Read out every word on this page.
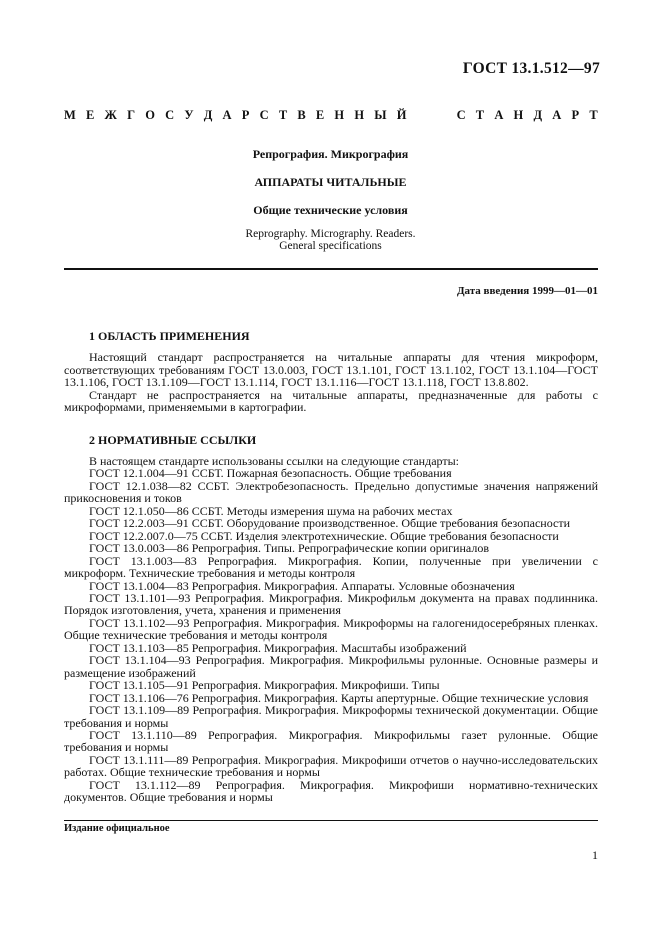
ГОСТ 13.1.512—97
М Е Ж Г О С У Д А Р С Т В Е Н Н Ы Й

	С Т А Н Д А Р Т
Репрография. Микрография
АППАРАТЫ ЧИТАЛЬНЫЕ
Общие технические условия
Reprography. Micrography. Readers.
General specifications
Дата введения 1999—01—01
1 ОБЛАСТЬ ПРИМЕНЕНИЯ

Настоящий стандарт распространяется на читальные аппараты для чтения микроформ, соответствующих требованиям ГОСТ 13.0.003, ГОСТ 13.1.101, ГОСТ 13.1.102, ГОСТ 13.1.104—ГОСТ 13.1.106, ГОСТ 13.1.109—ГОСТ 13.1.114, ГОСТ 13.1.116—ГОСТ 13.1.118, ГОСТ 13.8.802.

Стандарт не распространяется на читальные аппараты, предназначенные для работы с микроформами, применяемыми в картографии.

2 НОРМАТИВНЫЕ ССЫЛКИ

В настоящем стандарте использованы ссылки на следующие стандарты:

ГОСТ 12.1.004—91 ССБТ. Пожарная безопасность. Общие требования

ГОСТ 12.1.038—82 ССБТ. Электробезопасность. Предельно допустимые значения напряжений прикосновения и токов

ГОСТ 12.1.050—86 ССБТ. Методы измерения шума на рабочих местах

ГОСТ 12.2.003—91 ССБТ. Оборудование производственное. Общие требования безопасности

ГОСТ 12.2.007.0—75 ССБТ. Изделия электротехнические. Общие требования безопасности

ГОСТ 13.0.003—86 Репрография. Типы. Репрографические копии оригиналов

ГОСТ 13.1.003—83 Репрография. Микрография. Копии, полученные при увеличении с микроформ. Технические требования и методы контроля

ГОСТ 13.1.004—83 Репрография. Микрография. Аппараты. Условные обозначения

ГОСТ 13.1.101—93 Репрография. Микрография. Микрофильм документа на правах подлинника. Порядок изготовления, учета, хранения и применения

ГОСТ 13.1.102—93 Репрография. Микрография. Микроформы на галогенидосеребряных пленках. Общие технические требования и методы контроля

ГОСТ 13.1.103—85 Репрография. Микрография. Масштабы изображений

ГОСТ 13.1.104—93 Репрография. Микрография. Микрофильмы рулонные. Основные размеры и размещение изображений

ГОСТ 13.1.105—91 Репрография. Микрография. Микрофиши. Типы

ГОСТ 13.1.106—76 Репрография. Микрография. Карты апертурные. Общие технические условия

ГОСТ 13.1.109—89 Репрография. Микрография. Микроформы технической документации. Общие требования и нормы

ГОСТ 13.1.110—89 Репрография. Микрография. Микрофильмы газет рулонные. Общие требования и нормы

ГОСТ 13.1.111—89 Репрография. Микрография. Микрофиши отчетов о научно-исследовательских работах. Общие технические требования и нормы

ГОСТ 13.1.112—89 Репрография. Микрография. Микрофиши нормативно-технических документов. Общие требования и нормы

Издание официальное
1
